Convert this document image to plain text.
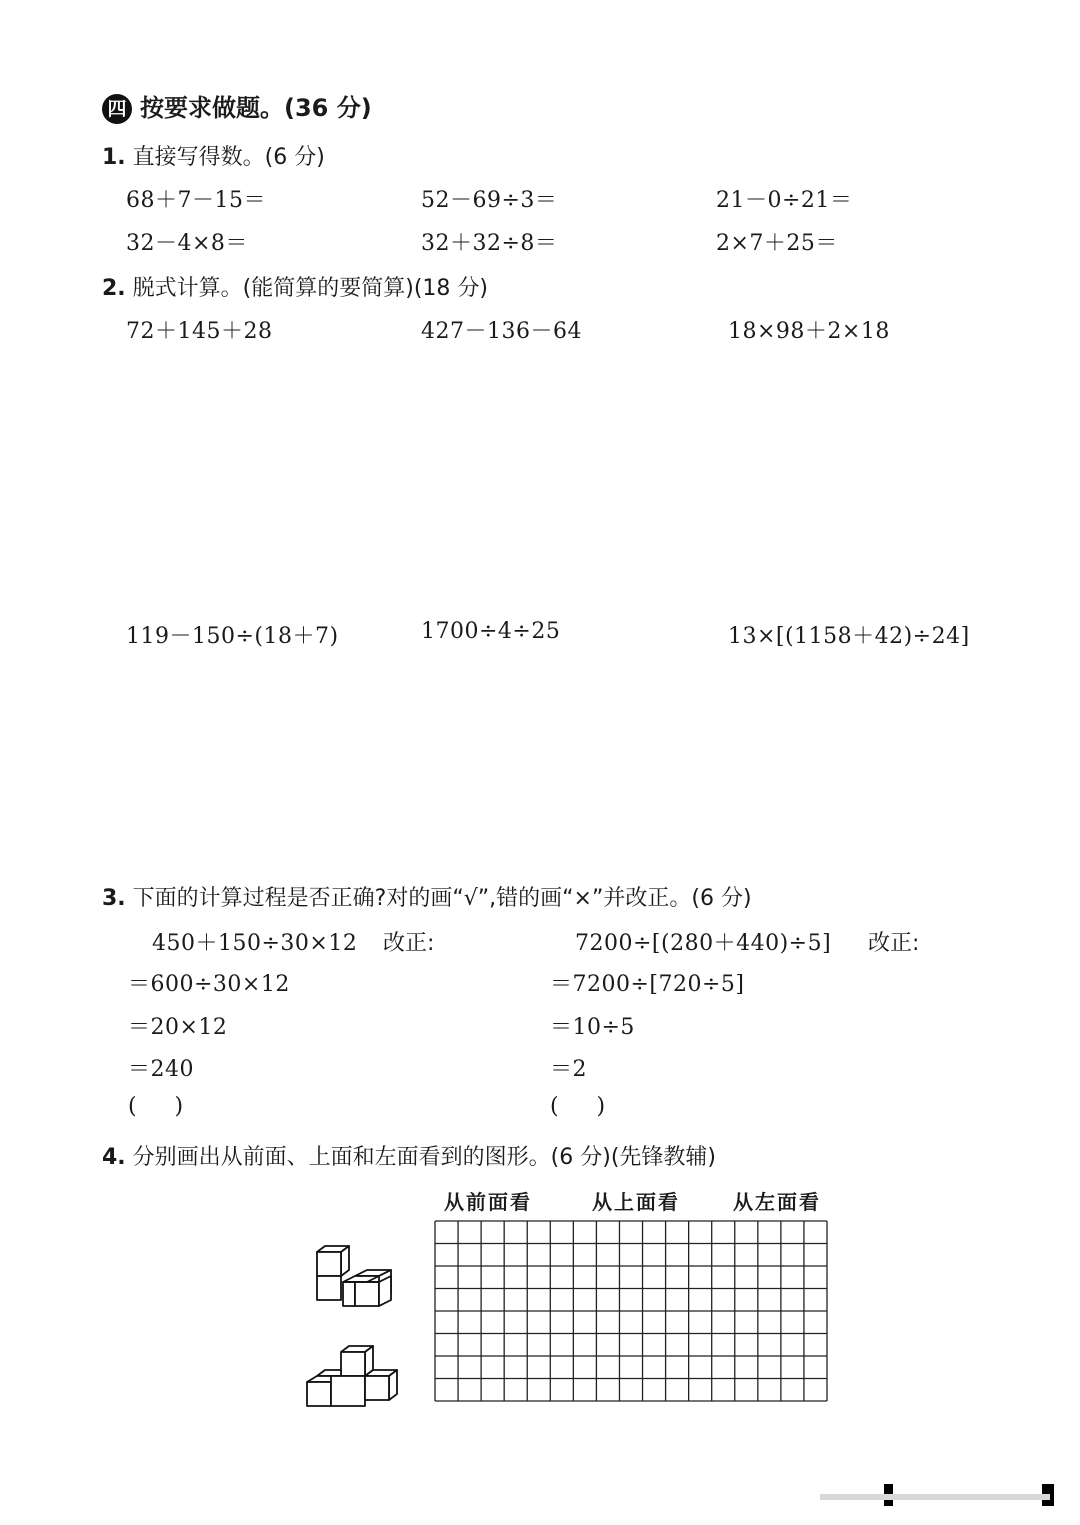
四 按要求做题。(36 分)
1. 直接写得数。(6 分)
68＋7－15＝	52－69÷3＝	21－0÷21＝
32－4×8＝	32＋32÷8＝	2×7＋25＝
2. 脱式计算。(能简算的要简算)(18 分)
72＋145＋28	427－136－64	18×98＋2×18
119－150÷(18＋7)	1700÷4÷25	13×[(1158＋42)÷24]
3. 下面的计算过程是否正确?对的画“√”,错的画“×”并改正。(6 分)
450＋150÷30×12 改正:
＝600÷30×12
＝20×12
＝240
(     )
7200÷[(280＋440)÷5] 改正:
＝7200÷[720÷5]
＝10÷5
＝2
(     )
4. 分别画出从前面、上面和左面看到的图形。(6 分)(先锋教辅)
从前面看	从上面看	从左面看
